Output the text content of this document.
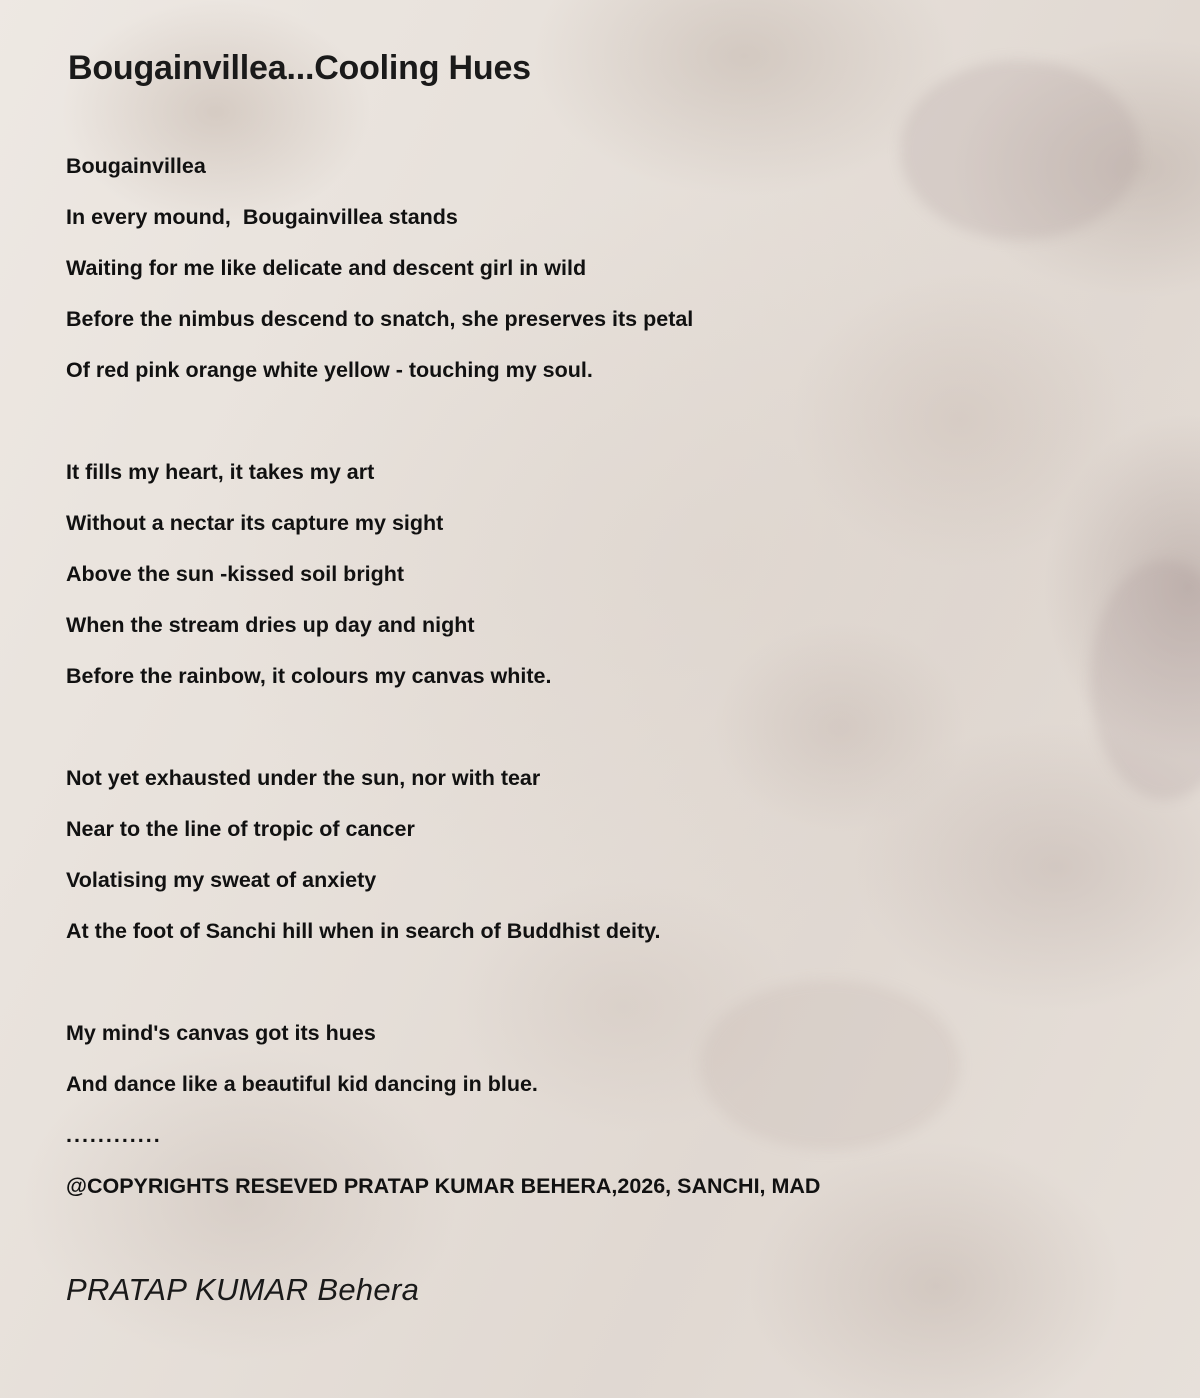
Bougainvillea...Cooling Hues
Bougainvillea
In every mound,  Bougainvillea stands
Waiting for me like delicate and descent girl in wild
Before the nimbus descend to snatch, she preserves its petal
Of red pink orange white yellow - touching my soul.
It fills my heart, it takes my art
Without a nectar its capture my sight
Above the sun -kissed soil bright
When the stream dries up day and night
Before the rainbow, it colours my canvas white.
Not yet exhausted under the sun, nor with tear
Near to the line of tropic of cancer
Volatising my sweat of anxiety
At the foot of Sanchi hill when in search of Buddhist deity.
My mind's canvas got its hues
And dance like a beautiful kid dancing in blue.
............
@COPYRIGHTS RESEVED PRATAP KUMAR BEHERA,2026, SANCHI, MAD
PRATAP KUMAR Behera
